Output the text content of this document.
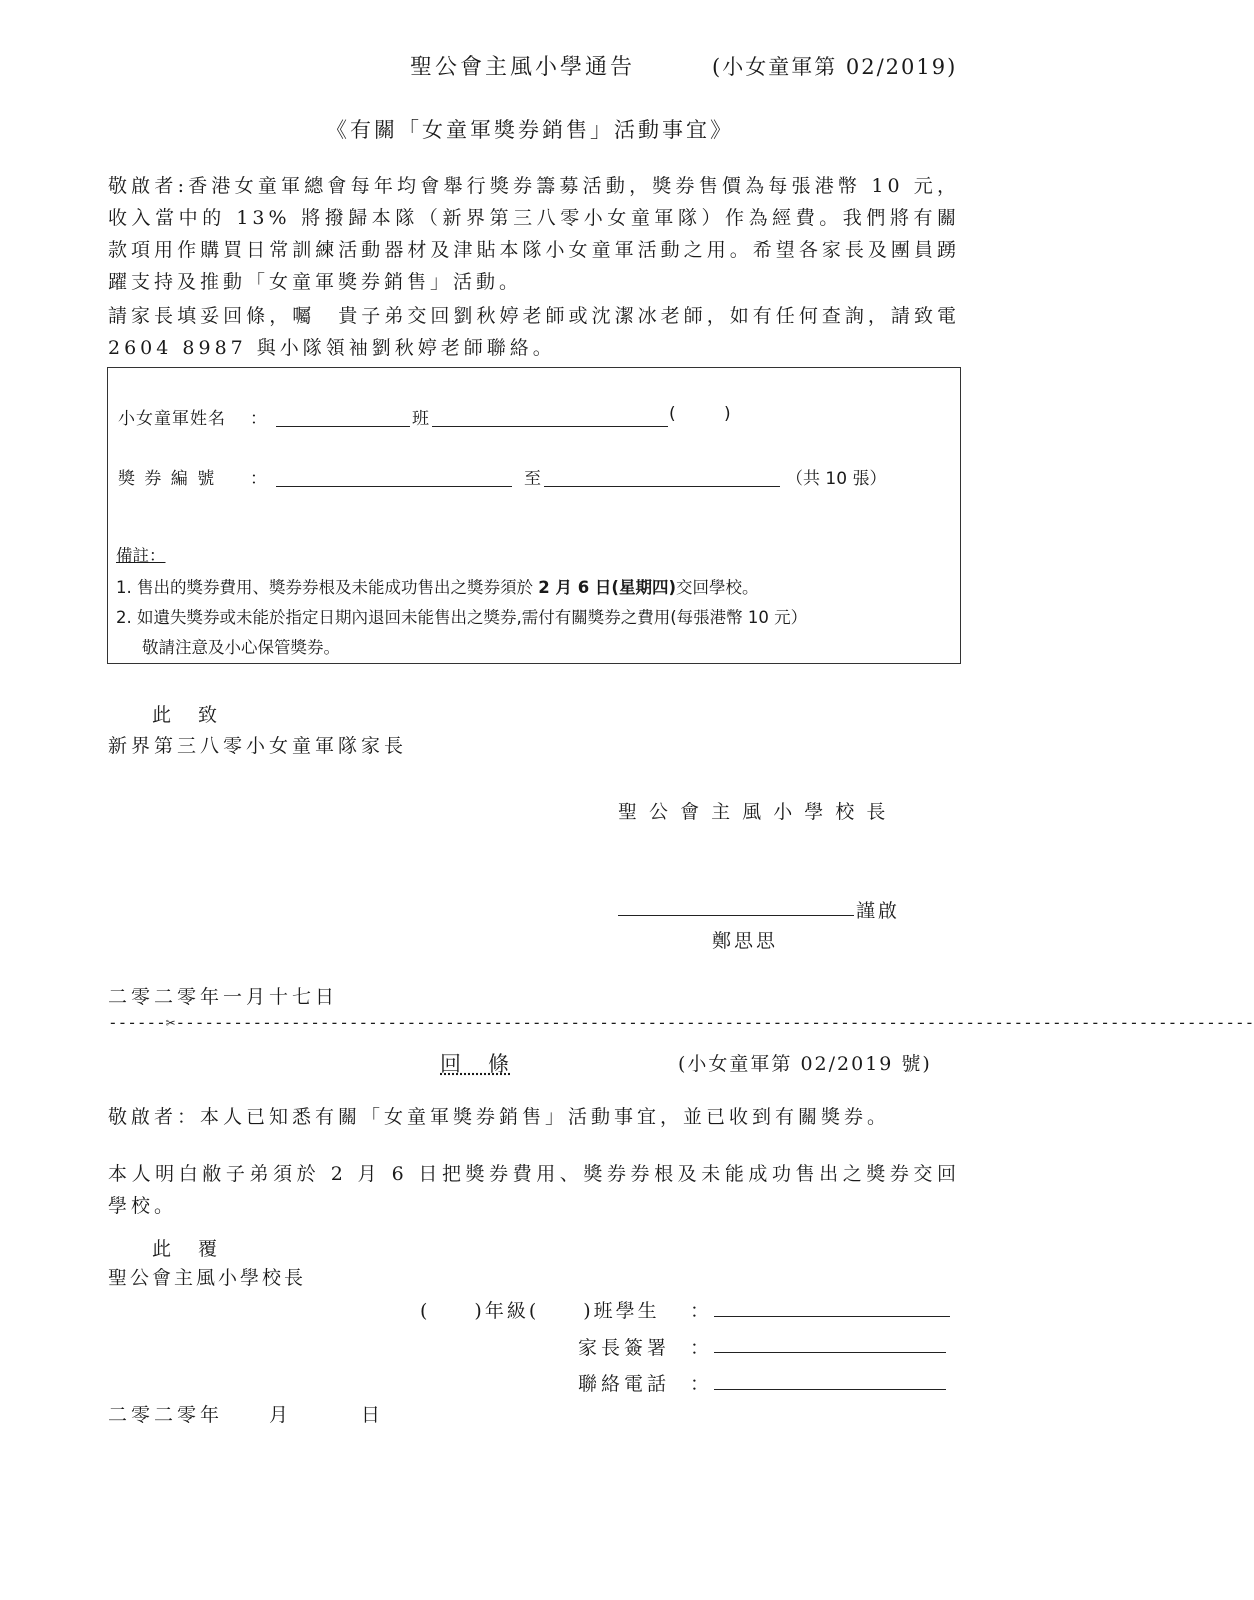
聖公會主風小學通告	(小女童軍第 02/2019)
《有關「女童軍獎券銷售」活動事宜》
敬啟者:香港女童軍總會每年均會舉行獎券籌募活動，獎券售價為每張港幣 10 元，收入當中的 13% 將撥歸本隊（新界第三八零小女童軍隊）作為經費。我們將有關款項用作購買日常訓練活動器材及津貼本隊小女童軍活動之用。希望各家長及團員踴躍支持及推動「女童軍獎券銷售」活動。
請家長填妥回條，囑　貴子弟交回劉秋婷老師或沈潔冰老師，如有任何查詢，請致電 2604 8987 與小隊領袖劉秋婷老師聯絡。
小女童軍姓名 ：	班	(	)
獎 券 編 號 ：	至	（共 10 張）
備註：
1. 售出的獎券費用、獎券券根及未能成功售出之獎券須於 2 月 6 日(星期四)交回學校。
2. 如遺失獎券或未能於指定日期內退回未能售出之獎券,需付有關獎券之費用(每張港幣 10 元）
敬請注意及小心保管獎券。
此　致
新界第三八零小女童軍隊家長
聖 公 會 主 風 小 學 校 長
謹啟
鄭思思
二零二零年一月十七日
------✂----------------------------------------------------------------------------------------------------------------
回　條	(小女童軍第 02/2019 號)
敬啟者：本人已知悉有關「女童軍獎券銷售」活動事宜，並已收到有關獎券。
本人明白敝子弟須於 2 月 6 日把獎券費用、獎券券根及未能成功售出之獎券交回學校。
此　覆
聖公會主風小學校長
(　　)年級(　　)班學生 ：
家長簽署 ：
聯絡電話 ：
二零二零年　　月　　　日
